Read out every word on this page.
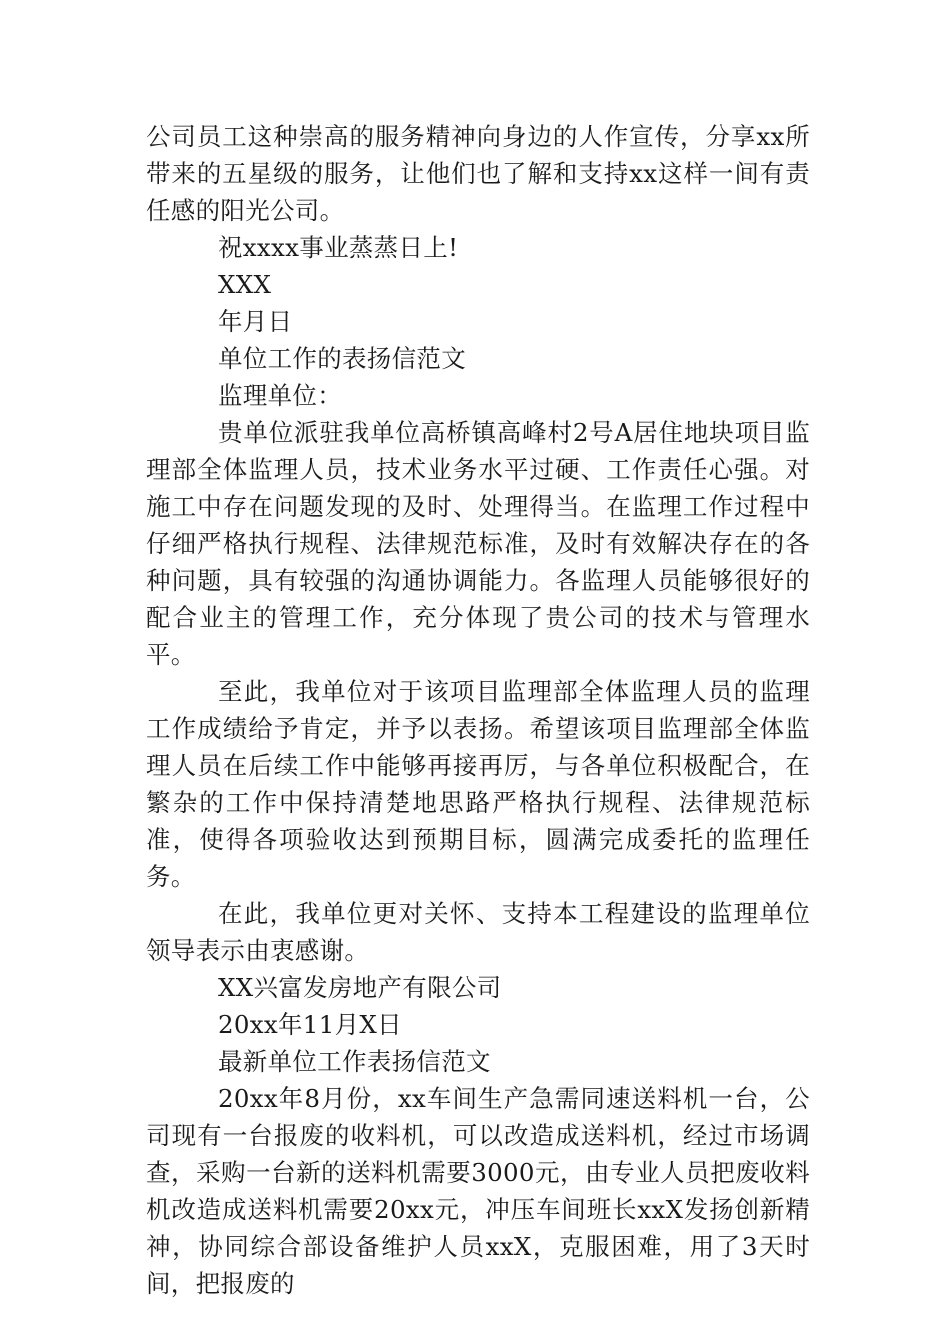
公司员工这种崇高的服务精神向身边的人作宣传，分享xx所带来的五星级的服务，让他们也了解和支持xx这样一间有责任感的阳光公司。

祝xxxx事业蒸蒸日上!

XXX

年月日

单位工作的表扬信范文

监理单位：

贵单位派驻我单位高桥镇高峰村2号A居住地块项目监理部全体监理人员，技术业务水平过硬、工作责任心强。对施工中存在问题发现的及时、处理得当。在监理工作过程中仔细严格执行规程、法律规范标准，及时有效解决存在的各种问题，具有较强的沟通协调能力。各监理人员能够很好的配合业主的管理工作，充分体现了贵公司的技术与管理水平。

至此，我单位对于该项目监理部全体监理人员的监理工作成绩给予肯定，并予以表扬。希望该项目监理部全体监理人员在后续工作中能够再接再厉，与各单位积极配合，在繁杂的工作中保持清楚地思路严格执行规程、法律规范标准，使得各项验收达到预期目标，圆满完成委托的监理任务。

在此，我单位更对关怀、支持本工程建设的监理单位领导表示由衷感谢。

XX兴富发房地产有限公司

20xx年11月X日

最新单位工作表扬信范文

20xx年8月份，xx车间生产急需同速送料机一台，公司现有一台报废的收料机，可以改造成送料机，经过市场调查，采购一台新的送料机需要3000元，由专业人员把废收料机改造成送料机需要20xx元，冲压车间班长xxX发扬创新精神，协同综合部设备维护人员xxX，克服困难，用了3天时间，把报废的
